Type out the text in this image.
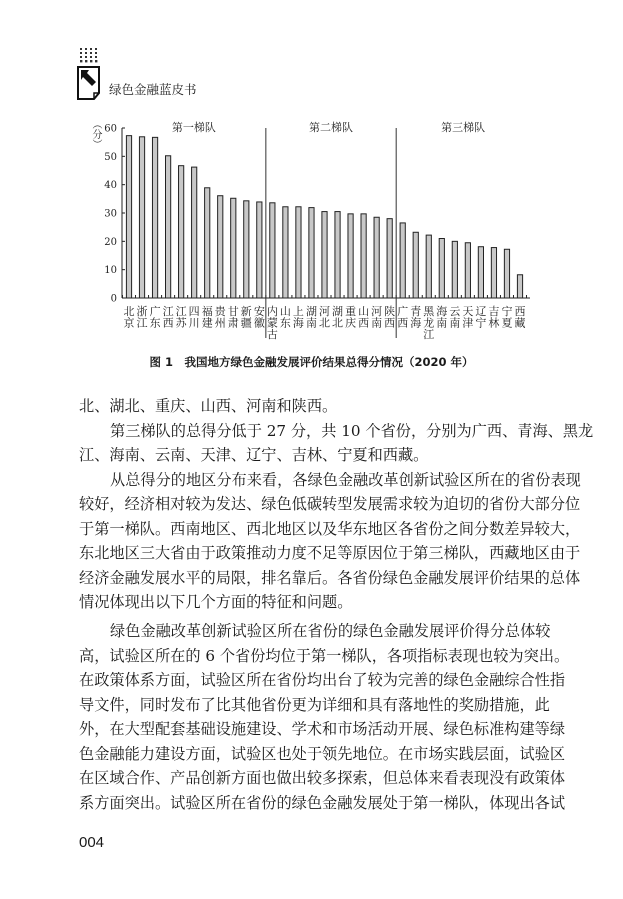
绿色金融蓝皮书
0
10
20
30
40
50
60
北京
浙江
广东
江西
江苏
四川
福建
贵州
甘肃
新疆
安徽
内蒙古
山东
上海
湖南
河北
湖北
重庆
山西
河南
陕西
广西
青海
黑龙江
海南
云南
天津
辽宁
吉林
宁夏
西藏
第一梯队	第二梯队	第三梯队
（分）
图 1　我国地方绿色金融发展评价结果总得分情况（2020 年）
北、湖北、重庆、山西、河南和陕西。
第三梯队的总得分低于 27 分，共 10 个省份，分别为广西、青海、黑龙
江、海南、云南、天津、辽宁、吉林、宁夏和西藏。
从总得分的地区分布来看，各绿色金融改革创新试验区所在的省份表现
较好，经济相对较为发达、绿色低碳转型发展需求较为迫切的省份大部分位
于第一梯队。西南地区、西北地区以及华东地区各省份之间分数差异较大，
东北地区三大省由于政策推动力度不足等原因位于第三梯队，西藏地区由于
经济金融发展水平的局限，排名靠后。各省份绿色金融发展评价结果的总体
情况体现出以下几个方面的特征和问题。
绿色金融改革创新试验区所在省份的绿色金融发展评价得分总体较
高，试验区所在的 6 个省份均位于第一梯队，各项指标表现也较为突出。
在政策体系方面，试验区所在省份均出台了较为完善的绿色金融综合性指
导文件，同时发布了比其他省份更为详细和具有落地性的奖励措施，此
外，在大型配套基础设施建设、学术和市场活动开展、绿色标准构建等绿
色金融能力建设方面，试验区也处于领先地位。在市场实践层面，试验区
在区域合作、产品创新方面也做出较多探索，但总体来看表现没有政策体
系方面突出。试验区所在省份的绿色金融发展处于第一梯队，体现出各试
004
